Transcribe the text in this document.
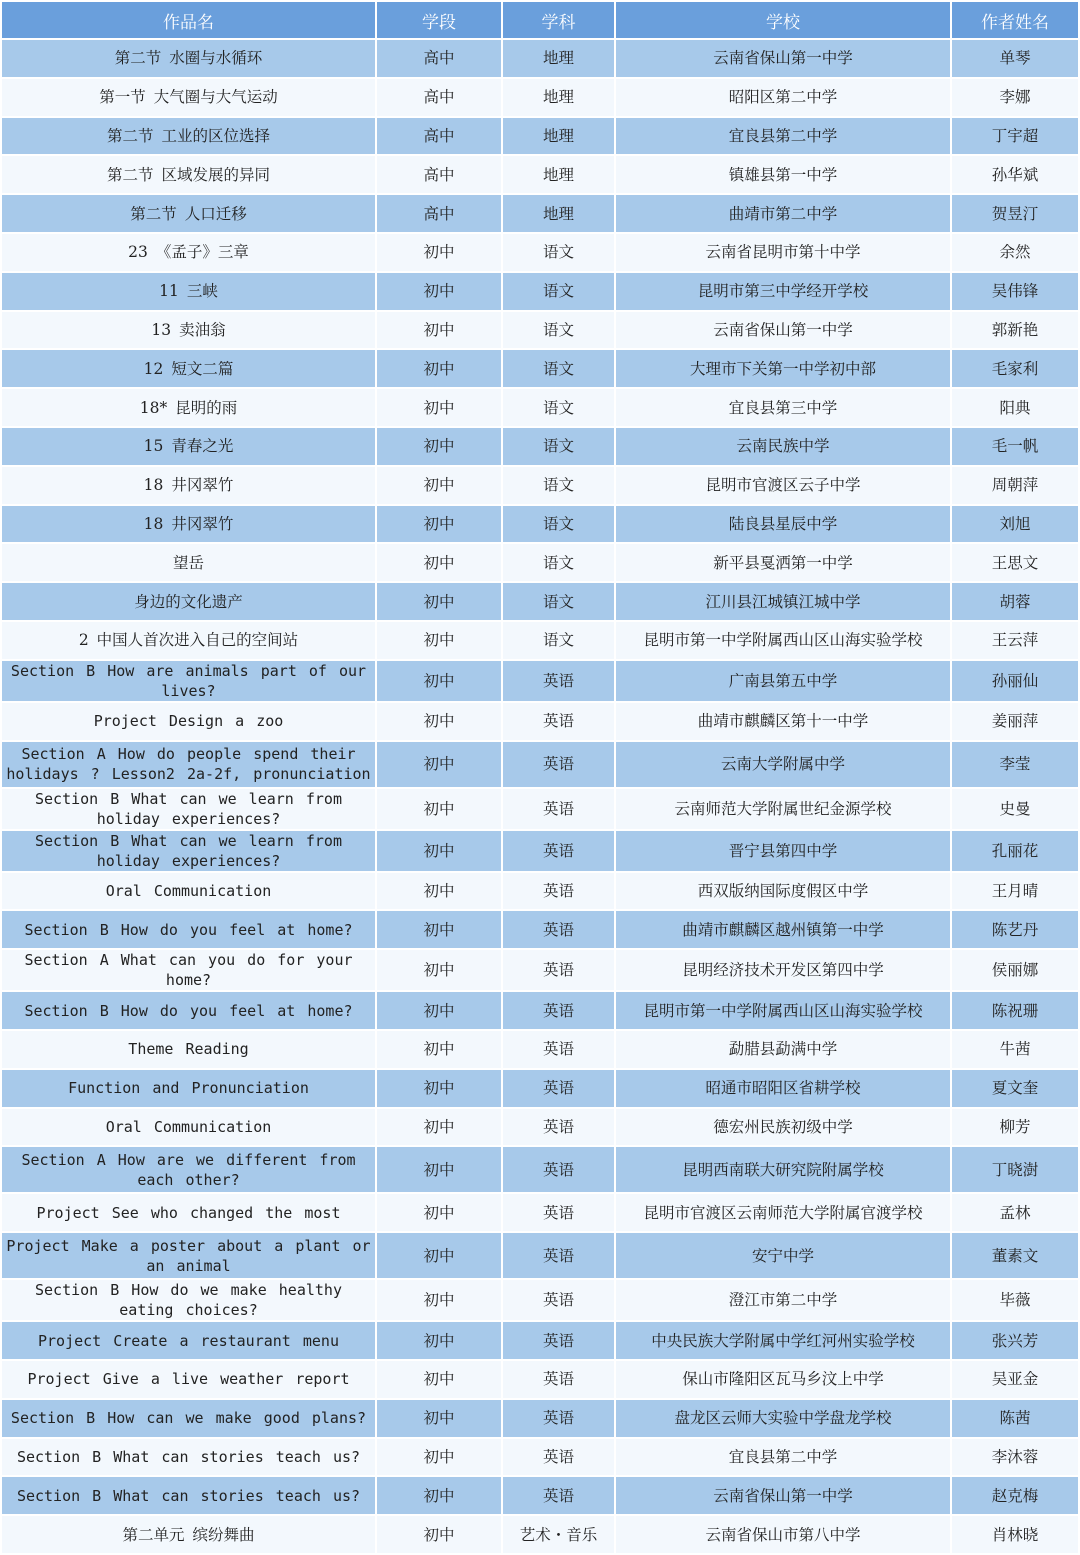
作品名	学段	学科	学校	作者姓名
第二节 水圈与水循环	高中	地理	云南省保山第一中学	单琴
第一节 大气圈与大气运动	高中	地理	昭阳区第二中学	李娜
第二节 工业的区位选择	高中	地理	宜良县第二中学	丁宇超
第二节 区域发展的异同	高中	地理	镇雄县第一中学	孙华斌
第二节 人口迁移	高中	地理	曲靖市第二中学	贺昱汀
23 《孟子》三章	初中	语文	云南省昆明市第十中学	余然
11 三峡	初中	语文	昆明市第三中学经开学校	吴伟锋
13 卖油翁	初中	语文	云南省保山第一中学	郭新艳
12 短文二篇	初中	语文	大理市下关第一中学初中部	毛家利
18* 昆明的雨	初中	语文	宜良县第三中学	阳典
15 青春之光	初中	语文	云南民族中学	毛一帆
18 井冈翠竹	初中	语文	昆明市官渡区云子中学	周朝萍
18 井冈翠竹	初中	语文	陆良县星辰中学	刘旭
望岳	初中	语文	新平县戛洒第一中学	王思文
身边的文化遗产	初中	语文	江川县江城镇江城中学	胡蓉
2 中国人首次进入自己的空间站	初中	语文	昆明市第一中学附属西山区山海实验学校	王云萍
Section B How are animals part of our lives?	初中	英语	广南县第五中学	孙丽仙
Project Design a zoo	初中	英语	曲靖市麒麟区第十一中学	姜丽萍
Section A How do people spend their holidays ? Lesson2 2a-2f, pronunciation	初中	英语	云南大学附属中学	李莹
Section B What can we learn from holiday experiences?	初中	英语	云南师范大学附属世纪金源学校	史曼
Section B What can we learn from holiday experiences?	初中	英语	晋宁县第四中学	孔丽花
Oral Communication	初中	英语	西双版纳国际度假区中学	王月晴
Section B How do you feel at home?	初中	英语	曲靖市麒麟区越州镇第一中学	陈艺丹
Section A What can you do for your home?	初中	英语	昆明经济技术开发区第四中学	侯丽娜
Section B How do you feel at home?	初中	英语	昆明市第一中学附属西山区山海实验学校	陈祝珊
Theme Reading	初中	英语	勐腊县勐满中学	牛茜
Function and Pronunciation	初中	英语	昭通市昭阳区省耕学校	夏文奎
Oral Communication	初中	英语	德宏州民族初级中学	柳芳
Section A How are we different from each other?	初中	英语	昆明西南联大研究院附属学校	丁晓澍
Project See who changed the most	初中	英语	昆明市官渡区云南师范大学附属官渡学校	孟林
Project Make a poster about a plant or an animal	初中	英语	安宁中学	董素文
Section B How do we make healthy eating choices?	初中	英语	澄江市第二中学	毕薇
Project Create a restaurant menu	初中	英语	中央民族大学附属中学红河州实验学校	张兴芳
Project Give a live weather report	初中	英语	保山市隆阳区瓦马乡汶上中学	吴亚金
Section B How can we make good plans?	初中	英语	盘龙区云师大实验中学盘龙学校	陈茜
Section B What can stories teach us?	初中	英语	宜良县第二中学	李沐蓉
Section B What can stories teach us?	初中	英语	云南省保山第一中学	赵克梅
第二单元 缤纷舞曲	初中	艺术・音乐	云南省保山市第八中学	肖林晓
